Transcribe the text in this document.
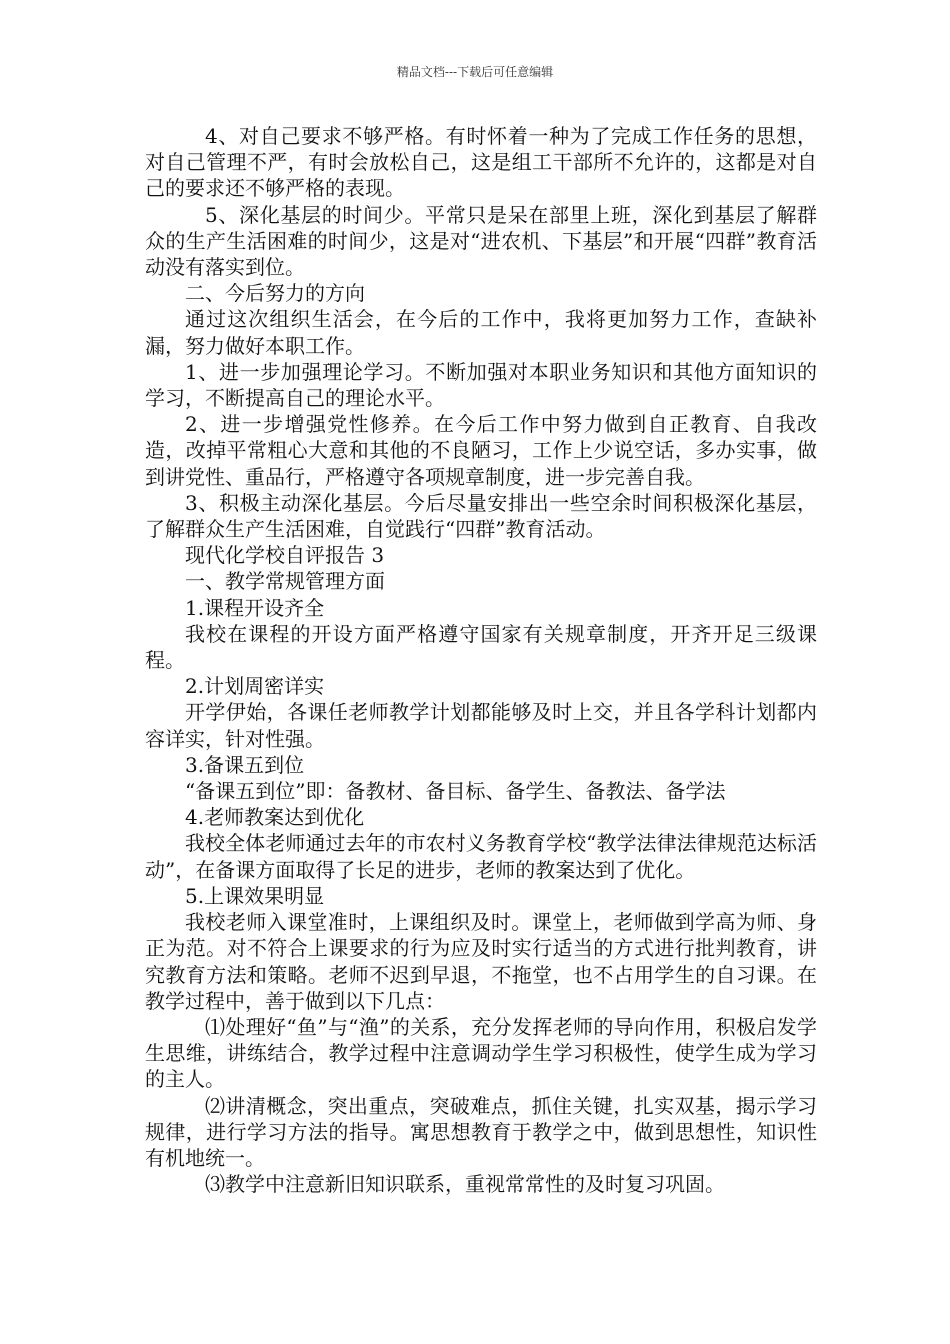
精品文档---下载后可任意编辑

4、对自己要求不够严格。有时怀着一种为了完成工作任务的思想，对自己管理不严，有时会放松自己，这是组工干部所不允许的，这都是对自己的要求还不够严格的表现。

5、深化基层的时间少。平常只是呆在部里上班，深化到基层了解群众的生产生活困难的时间少，这是对“进农机、下基层”和开展“四群”教育活动没有落实到位。

二、今后努力的方向

通过这次组织生活会，在今后的工作中，我将更加努力工作，查缺补漏，努力做好本职工作。

1、进一步加强理论学习。不断加强对本职业务知识和其他方面知识的学习，不断提高自己的理论水平。

2、进一步增强党性修养。在今后工作中努力做到自正教育、自我改造，改掉平常粗心大意和其他的不良陋习，工作上少说空话，多办实事，做到讲党性、重品行，严格遵守各项规章制度，进一步完善自我。

3、积极主动深化基层。今后尽量安排出一些空余时间积极深化基层，了解群众生产生活困难，自觉践行“四群”教育活动。

现代化学校自评报告 3

一、教学常规管理方面

1.课程开设齐全

我校在课程的开设方面严格遵守国家有关规章制度，开齐开足三级课程。

2.计划周密详实

开学伊始，各课任老师教学计划都能够及时上交，并且各学科计划都内容详实，针对性强。

3.备课五到位

“备课五到位”即：备教材、备目标、备学生、备教法、备学法

4.老师教案达到优化

我校全体老师通过去年的市农村义务教育学校“教学法律法律规范达标活动”，在备课方面取得了长足的进步，老师的教案达到了优化。

5.上课效果明显

我校老师入课堂准时，上课组织及时。课堂上，老师做到学高为师、身正为范。对不符合上课要求的行为应及时实行适当的方式进行批判教育，讲究教育方法和策略。老师不迟到早退，不拖堂，也不占用学生的自习课。在教学过程中，善于做到以下几点：

⑴处理好“鱼”与“渔”的关系，充分发挥老师的导向作用，积极启发学生思维，讲练结合，教学过程中注意调动学生学习积极性，使学生成为学习的主人。

⑵讲清概念，突出重点，突破难点，抓住关键，扎实双基，揭示学习规律，进行学习方法的指导。寓思想教育于教学之中，做到思想性，知识性有机地统一。

⑶教学中注意新旧知识联系，重视常常性的及时复习巩固。
